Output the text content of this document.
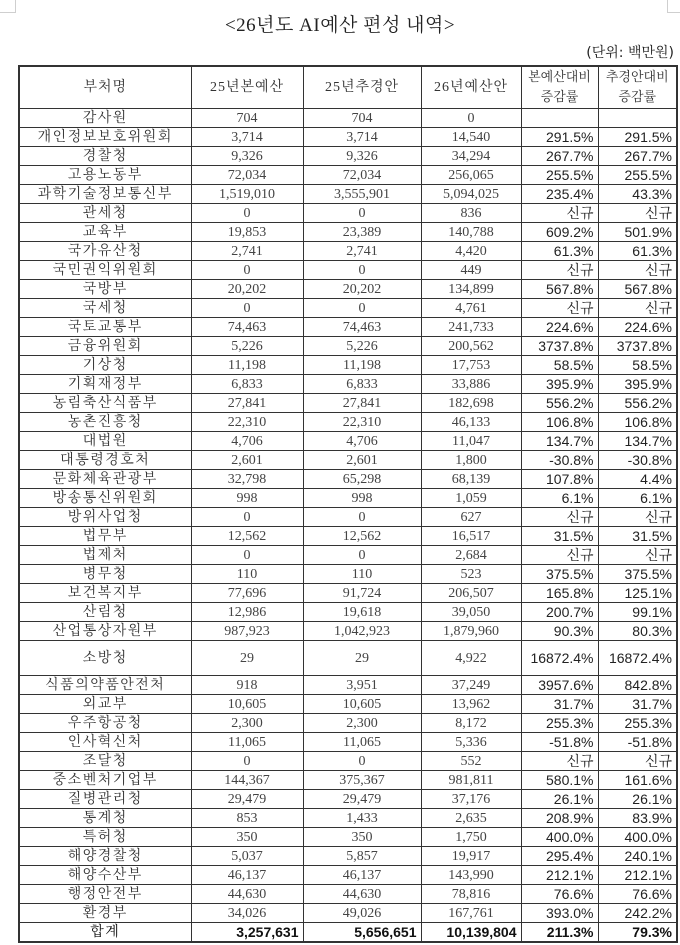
<26년도 AI예산 편성 내역>
(단위: 백만원)
부처명	25년본예산	25년추경안	26년예산안	본예산대비 증감률	추경안대비 증감률
감사원	704	704	0		
개인정보보호위원회	3,714	3,714	14,540	291.5%	291.5%
경찰청	9,326	9,326	34,294	267.7%	267.7%
고용노동부	72,034	72,034	256,065	255.5%	255.5%
과학기술정보통신부	1,519,010	3,555,901	5,094,025	235.4%	43.3%
관세청	0	0	836	신규	신규
교육부	19,853	23,389	140,788	609.2%	501.9%
국가유산청	2,741	2,741	4,420	61.3%	61.3%
국민권익위원회	0	0	449	신규	신규
국방부	20,202	20,202	134,899	567.8%	567.8%
국세청	0	0	4,761	신규	신규
국토교통부	74,463	74,463	241,733	224.6%	224.6%
금융위원회	5,226	5,226	200,562	3737.8%	3737.8%
기상청	11,198	11,198	17,753	58.5%	58.5%
기획재정부	6,833	6,833	33,886	395.9%	395.9%
농림축산식품부	27,841	27,841	182,698	556.2%	556.2%
농촌진흥청	22,310	22,310	46,133	106.8%	106.8%
대법원	4,706	4,706	11,047	134.7%	134.7%
대통령경호처	2,601	2,601	1,800	-30.8%	-30.8%
문화체육관광부	32,798	65,298	68,139	107.8%	4.4%
방송통신위원회	998	998	1,059	6.1%	6.1%
방위사업청	0	0	627	신규	신규
법무부	12,562	12,562	16,517	31.5%	31.5%
법제처	0	0	2,684	신규	신규
병무청	110	110	523	375.5%	375.5%
보건복지부	77,696	91,724	206,507	165.8%	125.1%
산림청	12,986	19,618	39,050	200.7%	99.1%
산업통상자원부	987,923	1,042,923	1,879,960	90.3%	80.3%
소방청	29	29	4,922	16872.4%	16872.4%
식품의약품안전처	918	3,951	37,249	3957.6%	842.8%
외교부	10,605	10,605	13,962	31.7%	31.7%
우주항공청	2,300	2,300	8,172	255.3%	255.3%
인사혁신처	11,065	11,065	5,336	-51.8%	-51.8%
조달청	0	0	552	신규	신규
중소벤처기업부	144,367	375,367	981,811	580.1%	161.6%
질병관리청	29,479	29,479	37,176	26.1%	26.1%
통계청	853	1,433	2,635	208.9%	83.9%
특허청	350	350	1,750	400.0%	400.0%
해양경찰청	5,037	5,857	19,917	295.4%	240.1%
해양수산부	46,137	46,137	143,990	212.1%	212.1%
행정안전부	44,630	44,630	78,816	76.6%	76.6%
환경부	34,026	49,026	167,761	393.0%	242.2%
합계	3,257,631	5,656,651	10,139,804	211.3%	79.3%
